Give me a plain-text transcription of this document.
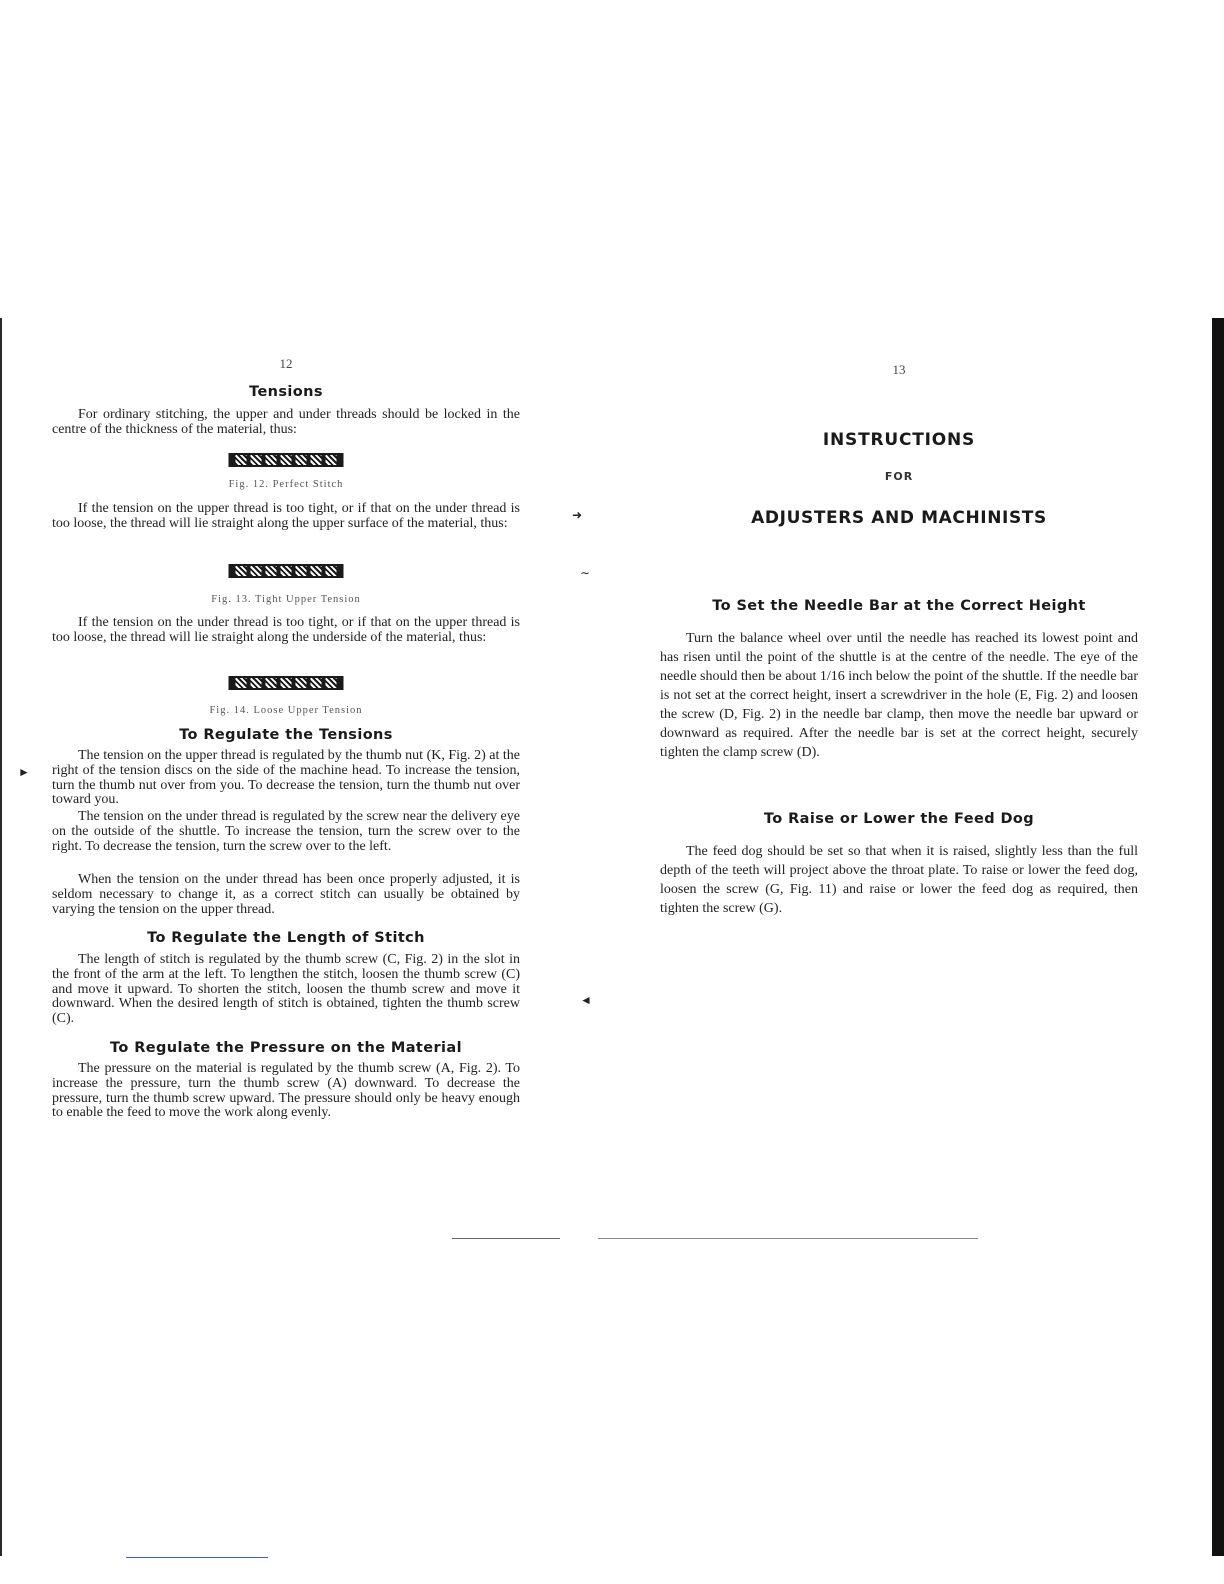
12
Tensions

For ordinary stitching, the upper and under threads should be locked in the centre of the thickness of the material, thus:

Fig. 12. Perfect Stitch

If the tension on the upper thread is too tight, or if that on the under thread is too loose, the thread will lie straight along the upper surface of the material, thus:

Fig. 13. Tight Upper Tension

If the tension on the under thread is too tight, or if that on the upper thread is too loose, the thread will lie straight along the underside of the material, thus:

Fig. 14. Loose Upper Tension
To Regulate the Tensions

The tension on the upper thread is regulated by the thumb nut (K, Fig. 2) at the right of the tension discs on the side of the machine head. To increase the tension, turn the thumb nut over from you. To decrease the tension, turn the thumb nut over toward you.

The tension on the under thread is regulated by the screw near the delivery eye on the outside of the shuttle. To increase the tension, turn the screw over to the right. To decrease the tension, turn the screw over to the left.

When the tension on the under thread has been once properly adjusted, it is seldom necessary to change it, as a correct stitch can usually be obtained by varying the tension on the upper thread.

To Regulate the Length of Stitch

The length of stitch is regulated by the thumb screw (C, Fig. 2) in the slot in the front of the arm at the left. To lengthen the stitch, loosen the thumb screw (C) and move it upward. To shorten the stitch, loosen the thumb screw and move it downward. When the desired length of stitch is obtained, tighten the thumb screw (C).

To Regulate the Pressure on the Material

The pressure on the material is regulated by the thumb screw (A, Fig. 2). To increase the pressure, turn the thumb screw (A) downward. To decrease the pressure, turn the thumb screw upward. The pressure should only be heavy enough to enable the feed to move the work along evenly.

►
➜
∼
◄
13
INSTRUCTIONS
FOR
ADJUSTERS AND MACHINISTS
To Set the Needle Bar at the Correct Height

Turn the balance wheel over until the needle has reached its lowest point and has risen until the point of the shuttle is at the centre of the needle. The eye of the needle should then be about 1/16 inch below the point of the shuttle. If the needle bar is not set at the correct height, insert a screwdriver in the hole (E, Fig. 2) and loosen the screw (D, Fig. 2) in the needle bar clamp, then move the needle bar upward or downward as required. After the needle bar is set at the correct height, securely tighten the clamp screw (D).

To Raise or Lower the Feed Dog

The feed dog should be set so that when it is raised, slightly less than the full depth of the teeth will project above the throat plate. To raise or lower the feed dog, loosen the screw (G, Fig. 11) and raise or lower the feed dog as required, then tighten the screw (G).
